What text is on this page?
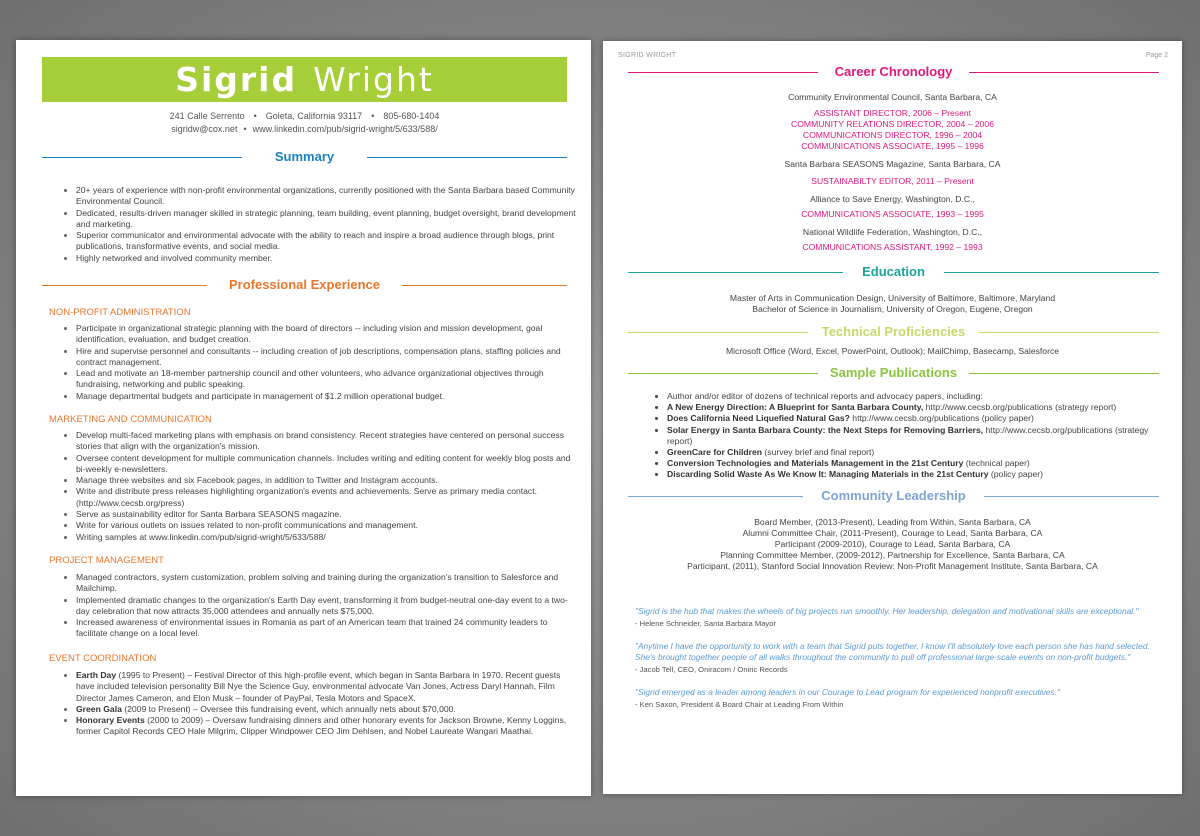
Sigrid Wright
241 Calle Serrento • Goleta, California 93117 • 805-680-1404
sigridw@cox.net • www.linkedin.com/pub/sigrid-wright/5/633/588/
Summary
• 20+ years of experience with non-profit environmental organizations, currently positioned with the Santa Barbara based Community Environmental Council.
• Dedicated, results-driven manager skilled in strategic planning, team building, event planning, budget oversight, brand development and marketing.
• Superior communicator and environmental advocate with the ability to reach and inspire a broad audience through blogs, print publications, transformative events, and social media.
• Highly networked and involved community member.
Professional Experience
NON-PROFIT ADMINISTRATION
• Participate in organizational strategic planning with the board of directors -- including vision and mission development, goal identification, evaluation, and budget creation.
• Hire and supervise personnel and consultants -- including creation of job descriptions, compensation plans, staffing policies and contract management.
• Lead and motivate an 18-member partnership council and other volunteers, who advance organizational objectives through fundraising, networking and public speaking.
• Manage departmental budgets and participate in management of $1.2 million operational budget.
MARKETING AND COMMUNICATION
• Develop multi-faced marketing plans with emphasis on brand consistency. Recent strategies have centered on personal success stories that align with the organization's mission.
• Oversee content development for multiple communication channels. Includes writing and editing content for weekly blog posts and bi-weekly e-newsletters.
• Manage three websites and six Facebook pages, in addition to Twitter and Instagram accounts.
• Write and distribute press releases highlighting organization's events and achievements. Serve as primary media contact. (http://www.cecsb.org/press)
• Serve as sustainability editor for Santa Barbara SEASONS magazine.
• Write for various outlets on issues related to non-profit communications and management.
• Writing samples at www.linkedin.com/pub/sigrid-wright/5/633/588/
PROJECT MANAGEMENT
• Managed contractors, system customization, problem solving and training during the organization's transition to Salesforce and Mailchimp.
• Implemented dramatic changes to the organization's Earth Day event, transforming it from budget-neutral one-day event to a two-day celebration that now attracts 35,000 attendees and annually nets $75,000.
• Increased awareness of environmental issues in Romania as part of an American team that trained 24 community leaders to facilitate change on a local level.
EVENT COORDINATION
• Earth Day (1995 to Present) – Festival Director of this high-profile event, which began in Santa Barbara in 1970. Recent guests have included television personality Bill Nye the Science Guy, environmental advocate Van Jones, Actress Daryl Hannah, Film Director James Cameron, and Elon Musk – founder of PayPal, Tesla Motors and SpaceX.
• Green Gala (2009 to Present) – Oversee this fundraising event, which annually nets about $70,000.
• Honorary Events (2000 to 2009) – Oversaw fundraising dinners and other honorary events for Jackson Browne, Kenny Loggins, former Capitol Records CEO Hale Milgrim, Clipper Windpower CEO Jim Dehlsen, and Nobel Laureate Wangari Maathai.
SIGRID WRIGHT	Page 2
Career Chronology
Community Environmental Council, Santa Barbara, CA
ASSISTANT DIRECTOR, 2006 – Present
COMMUNITY RELATIONS DIRECTOR, 2004 – 2006
COMMUNICATIONS DIRECTOR, 1996 – 2004
COMMUNICATIONS ASSOCIATE, 1995 – 1996
Santa Barbara SEASONS Magazine, Santa Barbara, CA
SUSTAINABILTY EDITOR, 2011 – Present
Alliance to Save Energy, Washington, D.C.,
COMMUNICATIONS ASSOCIATE, 1993 – 1995
National Wildlife Federation, Washington, D.C.,
COMMUNICATIONS ASSISTANT, 1992 – 1993
Education
Master of Arts in Communication Design, University of Baltimore, Baltimore, Maryland
Bachelor of Science in Journalism, University of Oregon, Eugene, Oregon
Technical Proficiencies
Microsoft Office (Word, Excel, PowerPoint, Outlook); MailChimp, Basecamp, Salesforce
Sample Publications
• Author and/or editor of dozens of technical reports and advocacy papers, including:
• A New Energy Direction: A Blueprint for Santa Barbara County, http://www.cecsb.org/publications (strategy report)
• Does California Need Liquefied Natural Gas? http://www.cecsb.org/publications (policy paper)
• Solar Energy in Santa Barbara County: the Next Steps for Removing Barriers, http://www.cecsb.org/publications (strategy report)
• GreenCare for Children (survey brief and final report)
• Conversion Technologies and Materials Management in the 21st Century (technical paper)
• Discarding Solid Waste As We Know It: Managing Materials in the 21st Century (policy paper)
Community Leadership
Board Member, (2013-Present), Leading from Within, Santa Barbara, CA
Alumni Committee Chair, (2011-Present), Courage to Lead, Santa Barbara, CA
Participant (2009-2010), Courage to Lead, Santa Barbara, CA
Planning Committee Member, (2009-2012), Partnership for Excellence, Santa Barbara, CA
Participant, (2011), Stanford Social Innovation Review: Non-Profit Management Institute, Santa Barbara, CA
"Sigrid is the hub that makes the wheels of big projects run smoothly. Her leadership, delegation and motivational skills are exceptional."
- Helene Schneider, Santa Barbara Mayor
"Anytime I have the opportunity to work with a team that Sigrid puts together, I know I'll absolutely love each person she has hand selected. She's brought together people of all walks throughout the community to pull off professional large-scale events on non-profit budgets."
- Jacob Tell, CEO, Oniracom / Oniric Records
"Sigrid emerged as a leader among leaders in our Courage to Lead program for experienced nonprofit executives."
- Ken Saxon, President & Board Chair at Leading From Within
